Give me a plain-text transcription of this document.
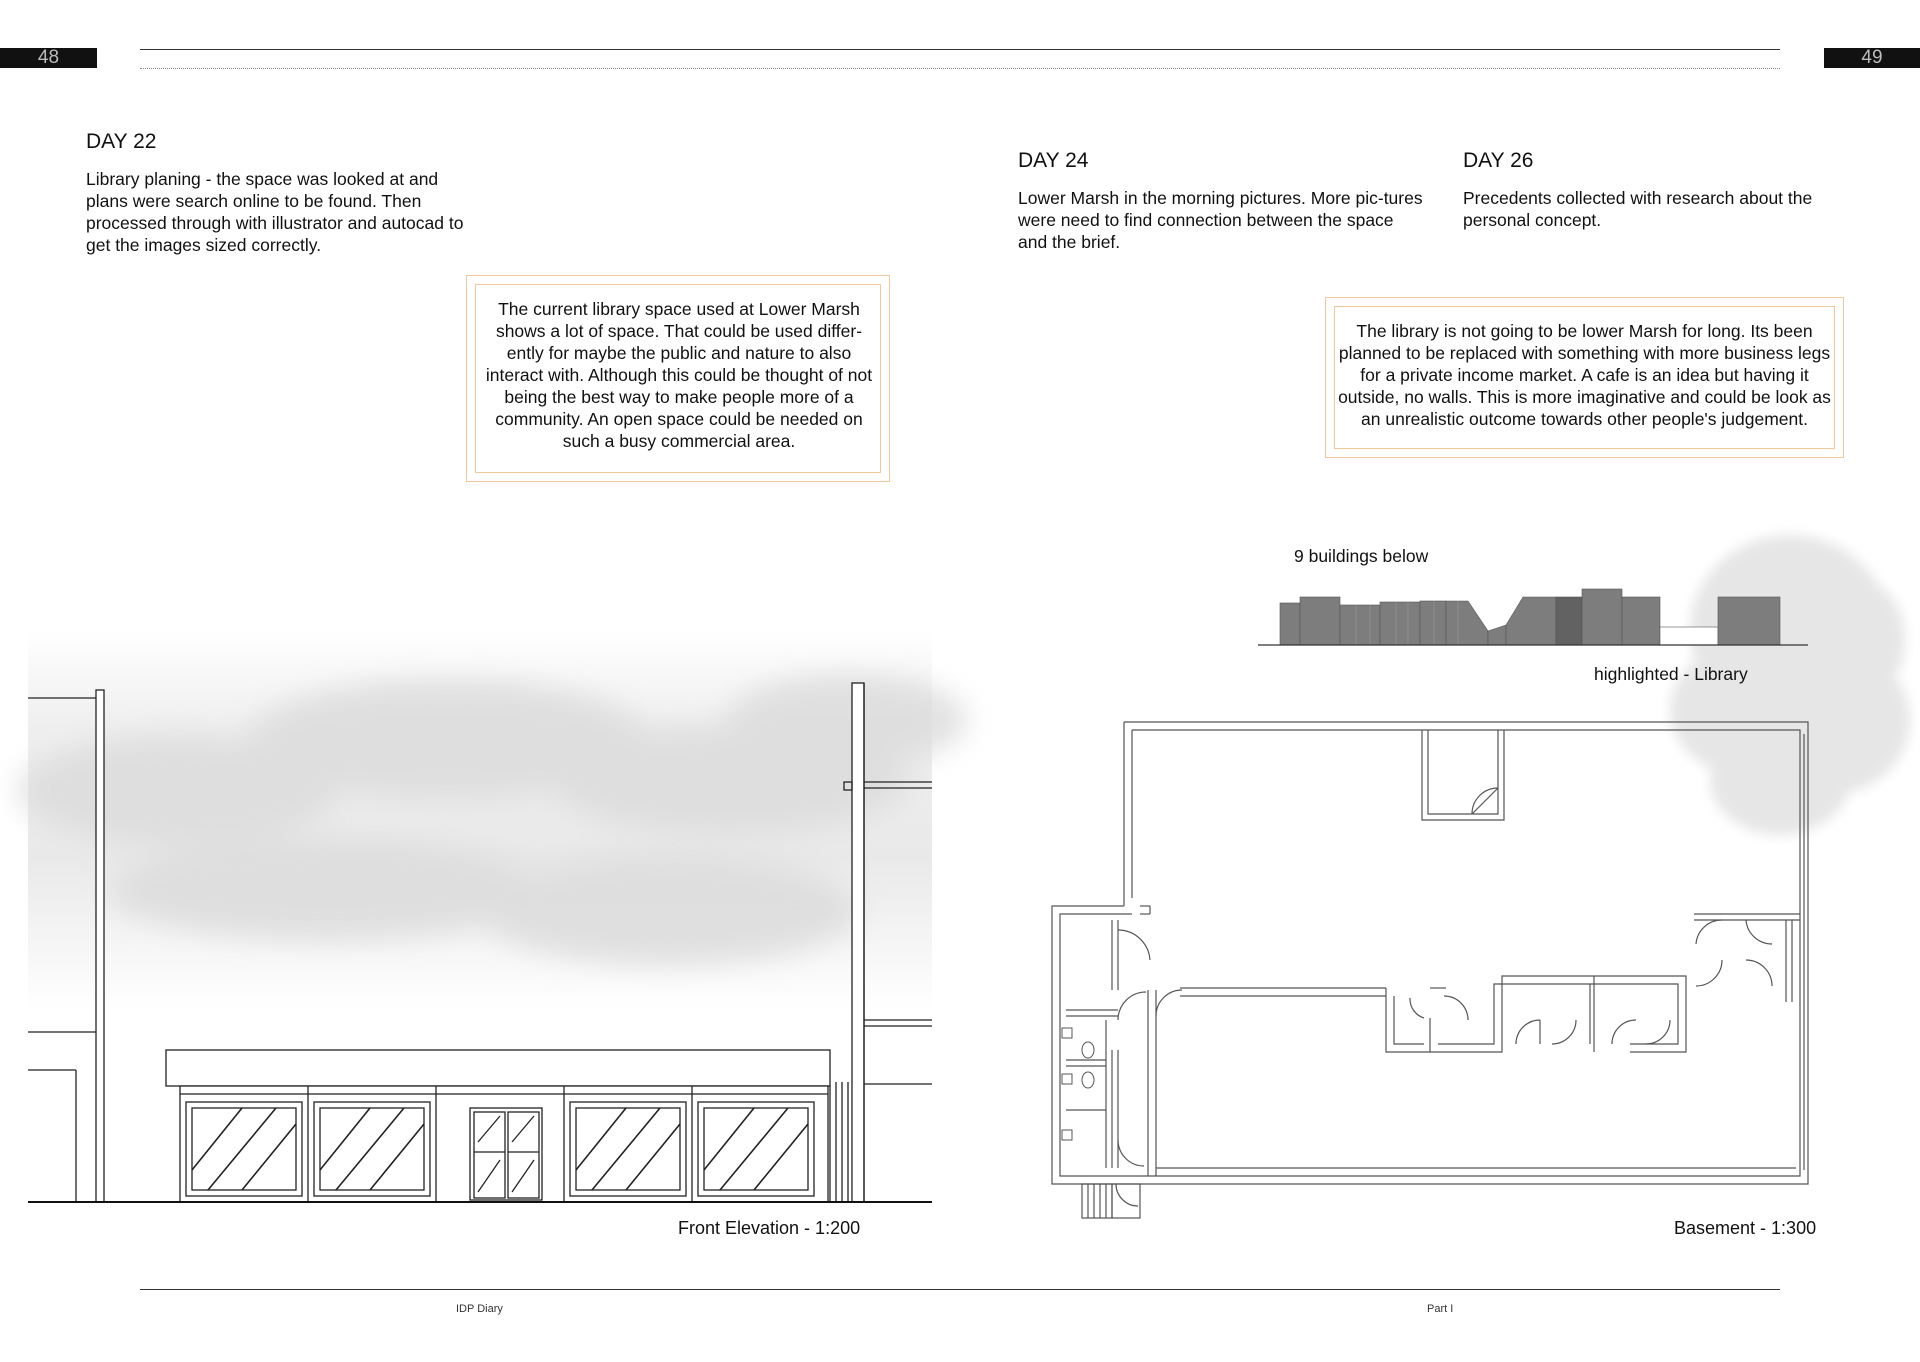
48	49
DAY 22
Library planing - the space was looked at and plans were search online to be found. Then processed through with illustrator and autocad to get the images sized correctly.
The current library space used at Lower Marsh shows a lot of space. That could be used differ-ently for maybe the public and nature to also interact with. Although this could be thought of not being the best way to make people more of a community. An open space could be needed on such a busy commercial area.
DAY 24
Lower Marsh in the morning pictures. More pic-tures were need to find connection between the space and the brief.
DAY 26
Precedents collected with research about the personal concept.
The library is not going to be lower Marsh for long. Its been planned to be replaced with something with more business legs for a private income market. A cafe is an idea but having it outside, no walls. This is more imaginative and could be look as an unrealistic outcome towards other people's judgement.
9 buildings below
highlighted - Library
Front Elevation - 1:200	Basement - 1:300
IDP Diary	Part I
